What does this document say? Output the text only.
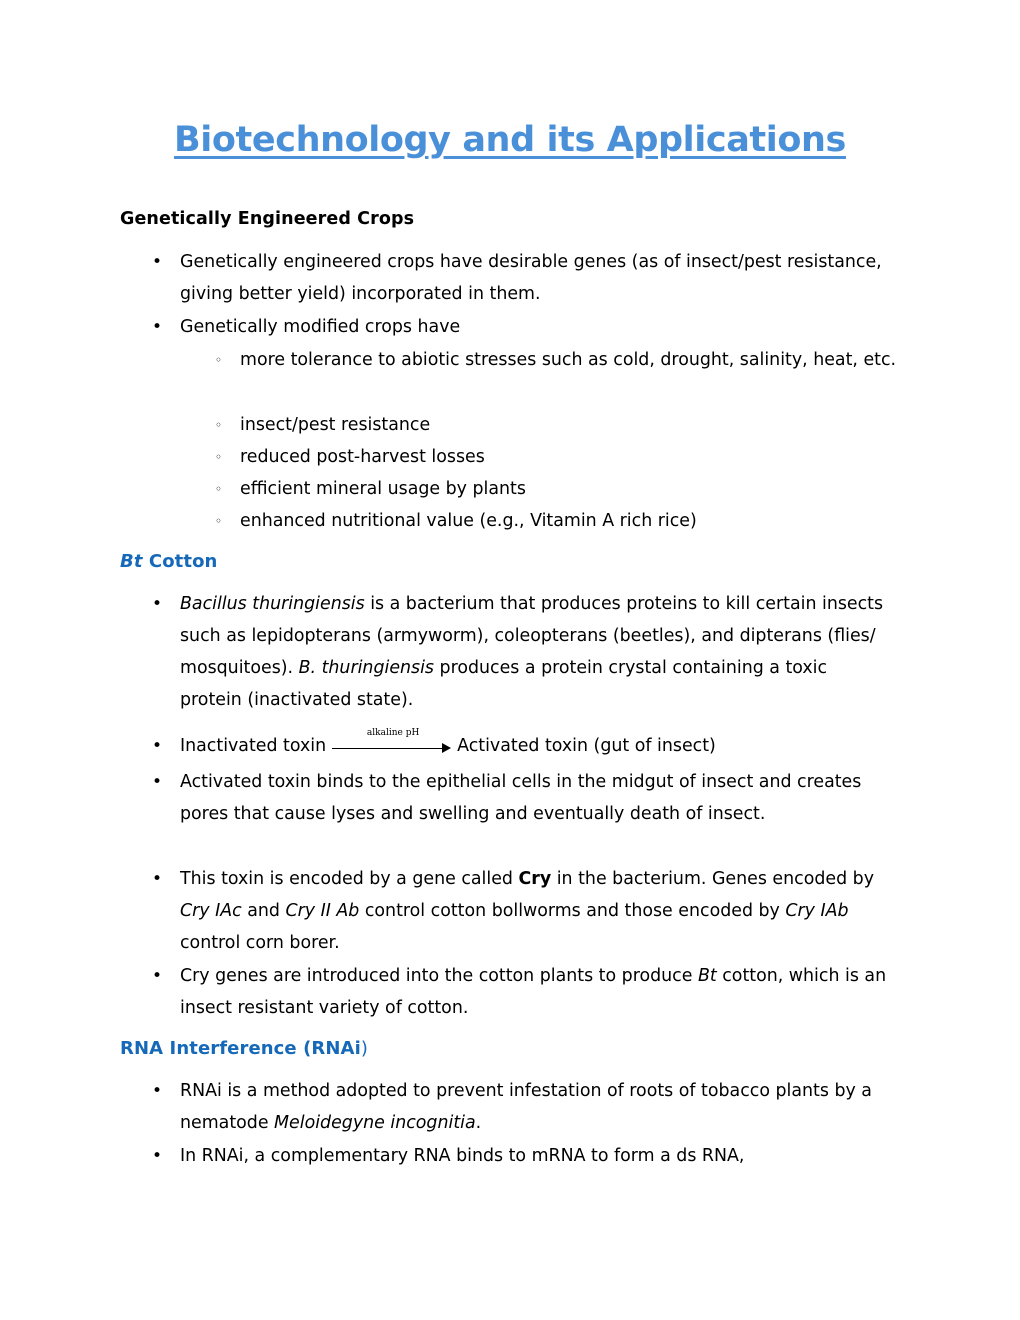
Biotechnology and its Applications
Genetically Engineered Crops
• Genetically engineered crops have desirable genes (as of insect/pest resistance, giving better yield) incorporated in them.
• Genetically modified crops have
◦ more tolerance to abiotic stresses such as cold, drought, salinity, heat, etc.
◦ insect/pest resistance
◦ reduced post-harvest losses
◦ efficient mineral usage by plants
◦ enhanced nutritional value (e.g., Vitamin A rich rice)
Bt Cotton
• Bacillus thuringiensis is a bacterium that produces proteins to kill certain insects such as lepidopterans (armyworm), coleopterans (beetles), and dipterans (flies/ mosquitoes). B. thuringiensis produces a protein crystal containing a toxic protein (inactivated state).
• Inactivated toxin
alkaline pH
Activated toxin (gut of insect)
• Activated toxin binds to the epithelial cells in the midgut of insect and creates pores that cause lyses and swelling and eventually death of insect.
• This toxin is encoded by a gene called Cry in the bacterium. Genes encoded by Cry IAc and Cry II Ab control cotton bollworms and those encoded by Cry IAb control corn borer.
• Cry genes are introduced into the cotton plants to produce Bt cotton, which is an insect resistant variety of cotton.
RNA Interference (RNAi)
• RNAi is a method adopted to prevent infestation of roots of tobacco plants by a nematode Meloidegyne incognitia.
• In RNAi, a complementary RNA binds to mRNA to form a ds RNA,
